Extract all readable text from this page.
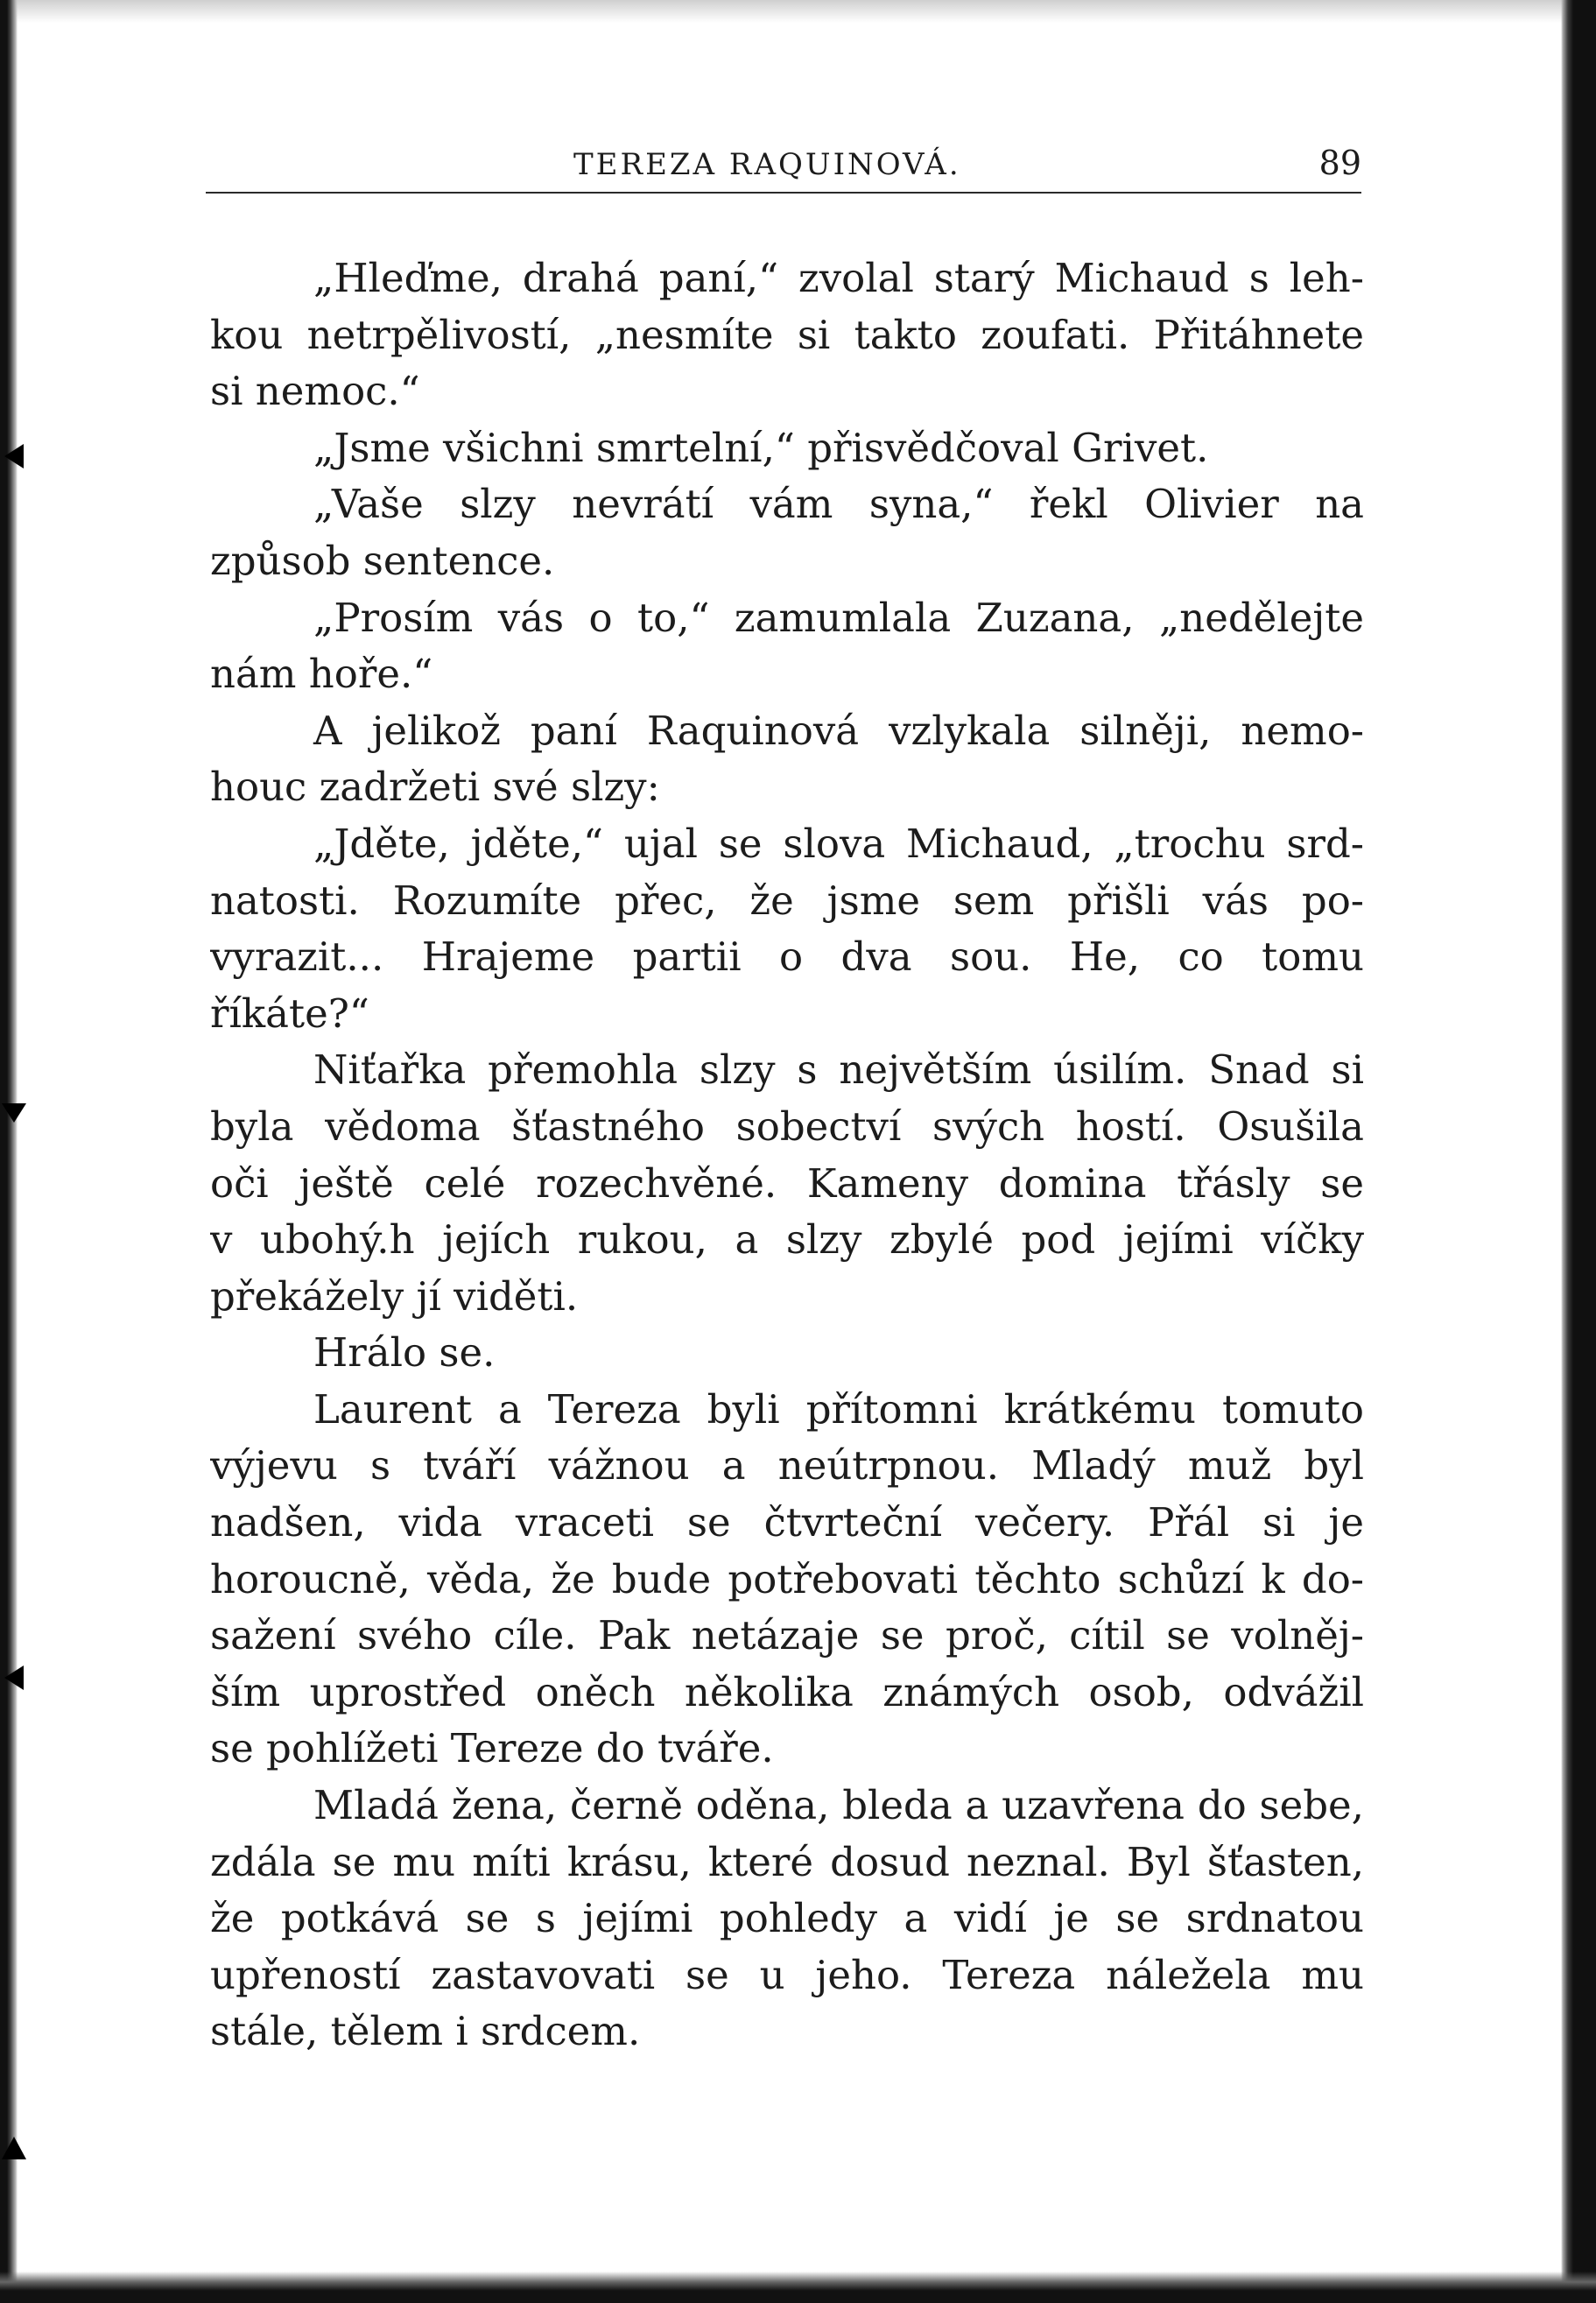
TEREZA RAQUINOVÁ.	89
„Hleďme, drahá paní,“ zvolal starý Michaud s leh-
kou netrpělivostí, „nesmíte si takto zoufati. Přitáhnete
si nemoc.“
„Jsme všichni smrtelní,“ přisvědčoval Grivet.
„Vaše slzy nevrátí vám syna,“ řekl Olivier na
způsob sentence.
„Prosím vás o to,“ zamumlala Zuzana, „nedělejte
nám hoře.“
A jelikož paní Raquinová vzlykala silněji, nemo-
houc zadržeti své slzy:
„Jděte, jděte,“ ujal se slova Michaud, „trochu srd-
natosti. Rozumíte přec, že jsme sem přišli vás po-
vyrazit... Hrajeme partii o dva sou. He, co tomu
říkáte?“
Niťařka přemohla slzy s největším úsilím. Snad si
byla vědoma šťastného sobectví svých hostí. Osušila
oči ještě celé rozechvěné. Kameny domina třásly se
v ubohý.h jejích rukou, a slzy zbylé pod jejími víčky
překážely jí viděti.
Hrálo se.
Laurent a Tereza byli přítomni krátkému tomuto
výjevu s tváří vážnou a neútrpnou. Mladý muž byl
nadšen, vida vraceti se čtvrteční večery. Přál si je
horoucně, věda, že bude potřebovati těchto schůzí k do-
sažení svého cíle. Pak netázaje se proč, cítil se volněj-
ším uprostřed oněch několika známých osob, odvážil
se pohlížeti Tereze do tváře.
Mladá žena, černě oděna, bleda a uzavřena do sebe,
zdála se mu míti krásu, které dosud neznal. Byl šťasten,
že potkává se s jejími pohledy a vidí je se srdnatou
upřeností zastavovati se u jeho. Tereza náležela mu
stále, tělem i srdcem.
